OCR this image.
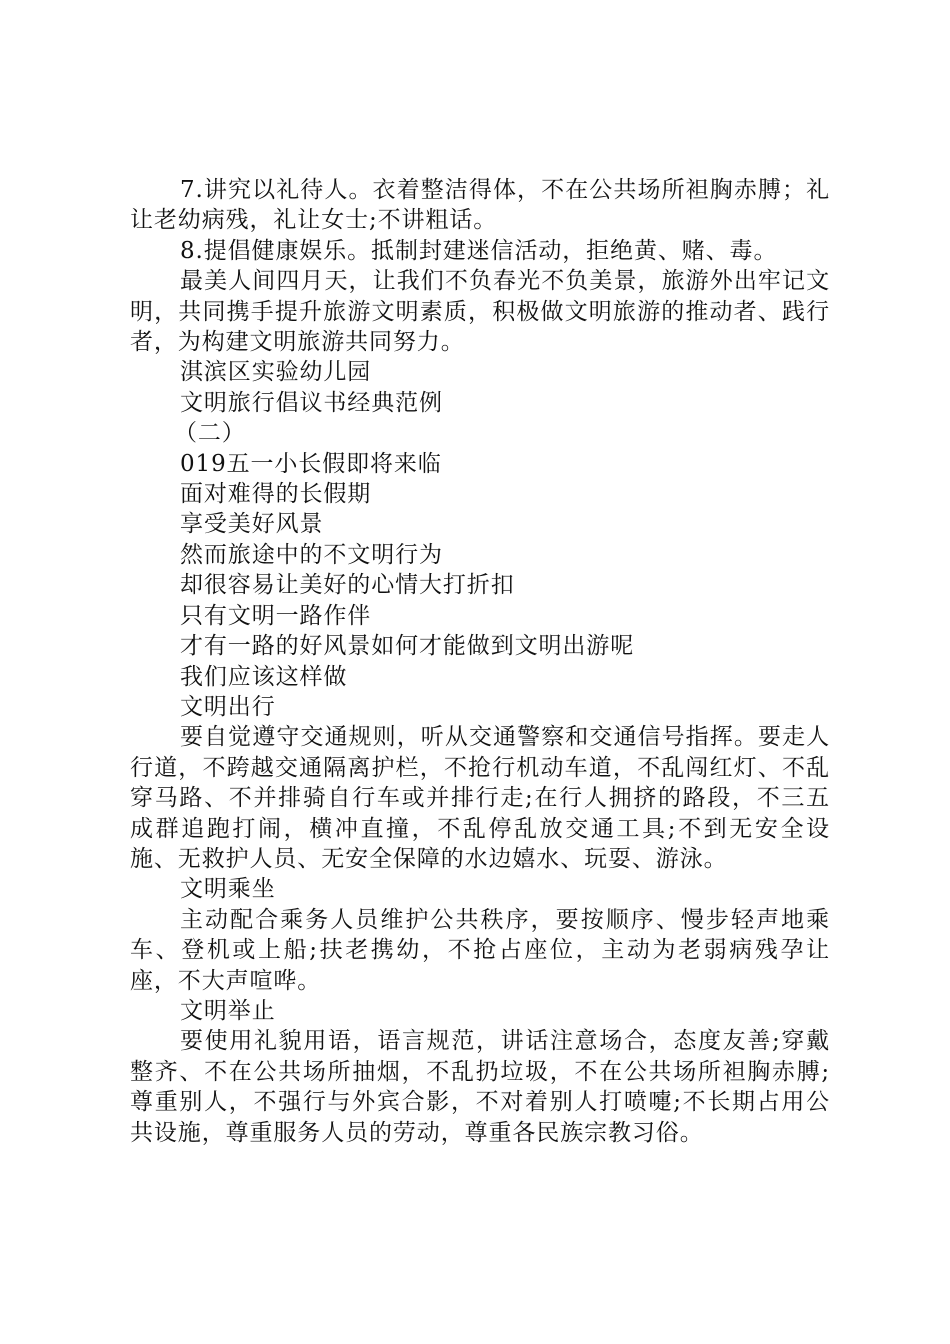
7.讲究以礼待人。衣着整洁得体，不在公共场所袒胸赤膊；礼让老幼病残，礼让女士;不讲粗话。

8.提倡健康娱乐。抵制封建迷信活动，拒绝黄、赌、毒。

最美人间四月天，让我们不负春光不负美景，旅游外出牢记文明，共同携手提升旅游文明素质，积极做文明旅游的推动者、践行者，为构建文明旅游共同努力。

淇滨区实验幼儿园

文明旅行倡议书经典范例

（二）

019五一小长假即将来临

面对难得的长假期

享受美好风景

然而旅途中的不文明行为

却很容易让美好的心情大打折扣

只有文明一路作伴

才有一路的好风景如何才能做到文明出游呢

我们应该这样做

文明出行

要自觉遵守交通规则，听从交通警察和交通信号指挥。要走人行道，不跨越交通隔离护栏，不抢行机动车道，不乱闯红灯、不乱穿马路、不并排骑自行车或并排行走;在行人拥挤的路段，不三五成群追跑打闹，横冲直撞，不乱停乱放交通工具;不到无安全设施、无救护人员、无安全保障的水边嬉水、玩耍、游泳。

文明乘坐

主动配合乘务人员维护公共秩序，要按顺序、慢步轻声地乘车、登机或上船;扶老携幼，不抢占座位，主动为老弱病残孕让座，不大声喧哗。

文明举止

要使用礼貌用语，语言规范，讲话注意场合，态度友善;穿戴整齐、不在公共场所抽烟，不乱扔垃圾，不在公共场所袒胸赤膊;尊重别人，不强行与外宾合影，不对着别人打喷嚏;不长期占用公共设施，尊重服务人员的劳动，尊重各民族宗教习俗。
